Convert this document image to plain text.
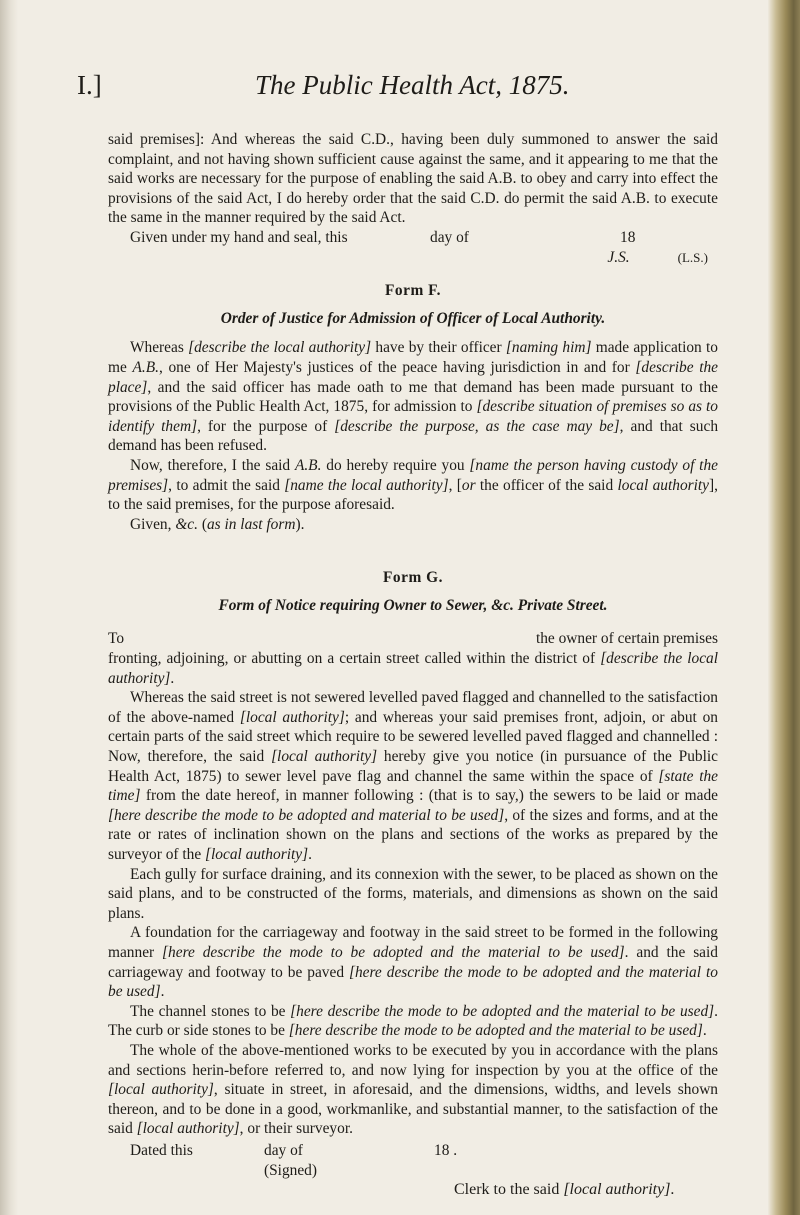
I.]	The Public Health Act, 1875.

said premises]: And whereas the said C.D., having been duly summoned to answer the said complaint, and not having shown sufficient cause against the same, and it appearing to me that the said works are necessary for the purpose of enabling the said A.B. to obey and carry into effect the provisions of the said Act, I do hereby order that the said C.D. do permit the said A.B. to execute the same in the manner required by the said Act.

Given under my hand and seal, this	day of	18
J.S.	(L.S.)
Form F.
Order of Justice for Admission of Officer of Local Authority.

Whereas [describe the local authority] have by their officer [naming him] made application to me A.B., one of Her Majesty's justices of the peace having jurisdiction in and for [describe the place], and the said officer has made oath to me that demand has been made pursuant to the provisions of the Public Health Act, 1875, for admission to [describe situation of premises so as to identify them], for the purpose of [describe the purpose, as the case may be], and that such demand has been refused.

Now, therefore, I the said A.B. do hereby require you [name the person having custody of the premises], to admit the said [name the local authority], [or the officer of the said local authority], to the said premises, for the purpose aforesaid.

Given, &c. (as in last form).

Form G.
Form of Notice requiring Owner to Sewer, &c. Private Street.
To	the owner of certain premises

fronting, adjoining, or abutting on a certain street called within the district of [describe the local authority].

Whereas the said street is not sewered levelled paved flagged and channelled to the satisfaction of the above-named [local authority]; and whereas your said premises front, adjoin, or abut on certain parts of the said street which require to be sewered levelled paved flagged and channelled : Now, therefore, the said [local authority] hereby give you notice (in pursuance of the Public Health Act, 1875) to sewer level pave flag and channel the same within the space of [state the time] from the date hereof, in manner following : (that is to say,) the sewers to be laid or made [here describe the mode to be adopted and material to be used], of the sizes and forms, and at the rate or rates of inclination shown on the plans and sections of the works as prepared by the surveyor of the [local authority].

Each gully for surface draining, and its connexion with the sewer, to be placed as shown on the said plans, and to be constructed of the forms, materials, and dimensions as shown on the said plans.

A foundation for the carriageway and footway in the said street to be formed in the following manner [here describe the mode to be adopted and the material to be used]. and the said carriageway and footway to be paved [here describe the mode to be adopted and the material to be used].

The channel stones to be [here describe the mode to be adopted and the material to be used]. The curb or side stones to be [here describe the mode to be adopted and the material to be used].

The whole of the above-mentioned works to be executed by you in accordance with the plans and sections herin-before referred to, and now lying for inspection by you at the office of the [local authority], situate in street, in aforesaid, and the dimensions, widths, and levels shown thereon, and to be done in a good, workmanlike, and substantial manner, to the satisfaction of the said [local authority], or their surveyor.

Dated this	day of	18 .
(Signed)
Clerk to the said [local authority].
